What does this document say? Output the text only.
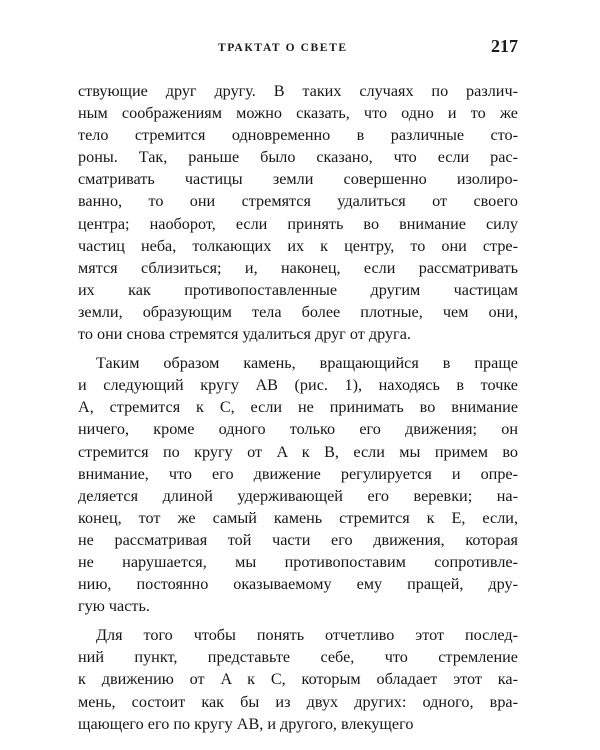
ТРАКТАТ О СВЕТЕ	217

ствующие друг другу. В таких случаях по различ-
ным соображениям можно сказать, что одно и то же
тело стремится одновременно в различные сто-
роны. Так, раньше было сказано, что если рас-
сматривать частицы земли совершенно изолиро-
ванно, то они стремятся удалиться от своего
центра; наоборот, если принять во внимание силу
частиц неба, толкающих их к центру, то они стре-
мятся сблизиться; и, наконец, если рассматривать
их как противопоставленные другим частицам
земли, образующим тела более плотные, чем они,
то они снова стремятся удалиться друг от друга.

Таким образом камень, вращающийся в праще
и следующий кругу AB (рис. 1), находясь в точке
A, стремится к C, если не принимать во внимание
ничего, кроме одного только его движения; он
стремится по кругу от A к B, если мы примем во
внимание, что его движение регулируется и опре-
деляется длиной удерживающей его веревки; на-
конец, тот же самый камень стремится к E, если,
не рассматривая той части его движения, которая
не нарушается, мы противопоставим сопротивле-
нию, постоянно оказываемому ему пращей, дру-
гую часть.

Для того чтобы понять отчетливо этот послед-
ний пункт, представьте себе, что стремление
к движению от A к C, которым обладает этот ка-
мень, состоит как бы из двух других: одного, вра-
щающего его по кругу AB, и другого, влекущего
